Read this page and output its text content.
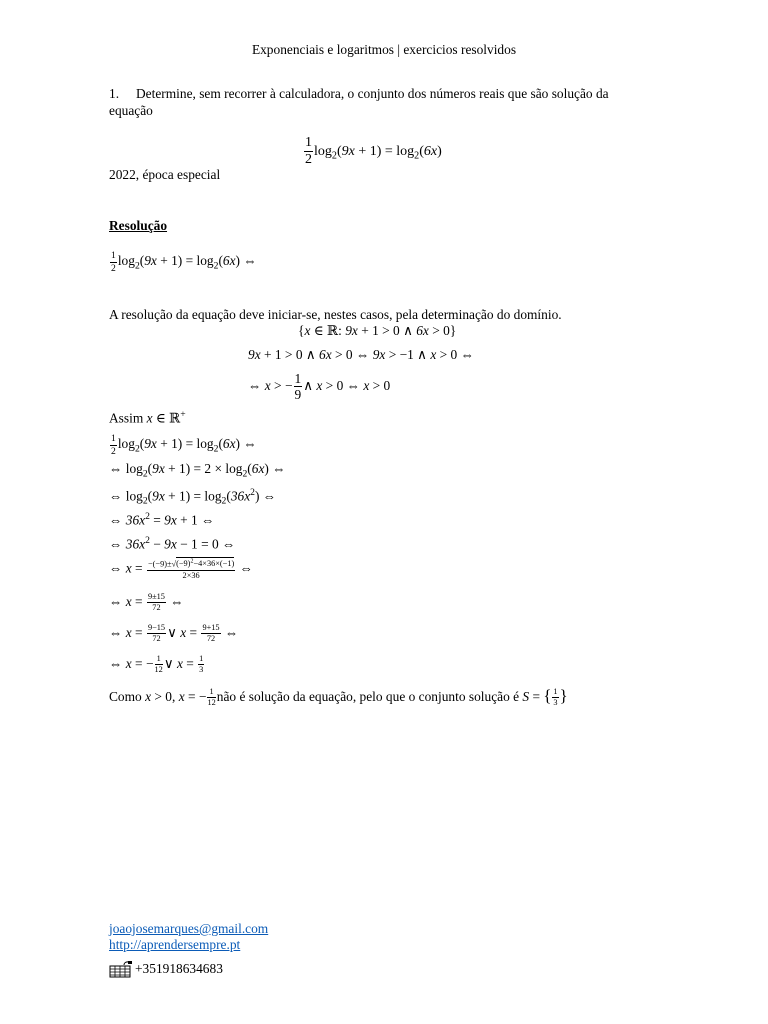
Exponenciais e logaritmos | exercicios resolvidos
1. Determine, sem recorrer à calculadora, o conjunto dos números reais que são solução da equação
$\frac{1}{2} \log_2(9x + 1) = \log_2(6x)$
2022, época especial
Resolução
$\frac{1}{2} \log_2(9x + 1) = \log_2(6x)$ ⇔
A resolução da equação deve iniciar-se, nestes casos, pela determinação do domínio.
{x ∈ ℝ: 9x + 1 > 0 ∧ 6x > 0}
9x + 1 > 0 ∧ 6x > 0 ⇔ 9x > −1 ∧ x > 0 ⇔
⇔ x > − $\frac{1}{9}$ ∧ x > 0 ⇔ x > 0
Assim x ∈ ℝ+
$\frac{1}{2} \log_2(9x + 1) = \log_2(6x)$ ⇔
⇔ $\log_2(9x + 1) = 2 \times \log_2(6x)$ ⇔
⇔ $\log_2(9x + 1) = \log_2(36x^2)$ ⇔
⇔ $36x^2 = 9x + 1$ ⇔
⇔ $36x^2 - 9x - 1 = 0$ ⇔
⇔ $x = \frac{-(-9)\pm√(-9)^2-4\times 36\times(-1)}{2\times 36}$ ⇔
⇔ $x = \frac{9\pm 15}{72}$ ⇔
⇔ $x = \frac{9-15}{72}$ ∨ $x = \frac{9+15}{72}$ ⇔
⇔ x = − $\frac{1}{12}$ ∨ $x = \frac{1}{3}$
Como x > 0, x = − $\frac{1}{12}$ não é solução da equação, pelo que o conjunto solução é S = { $\frac{1}{3}$ }
joaojosemarques@gmail.com
http://aprendersempre.pt
+351918634683
